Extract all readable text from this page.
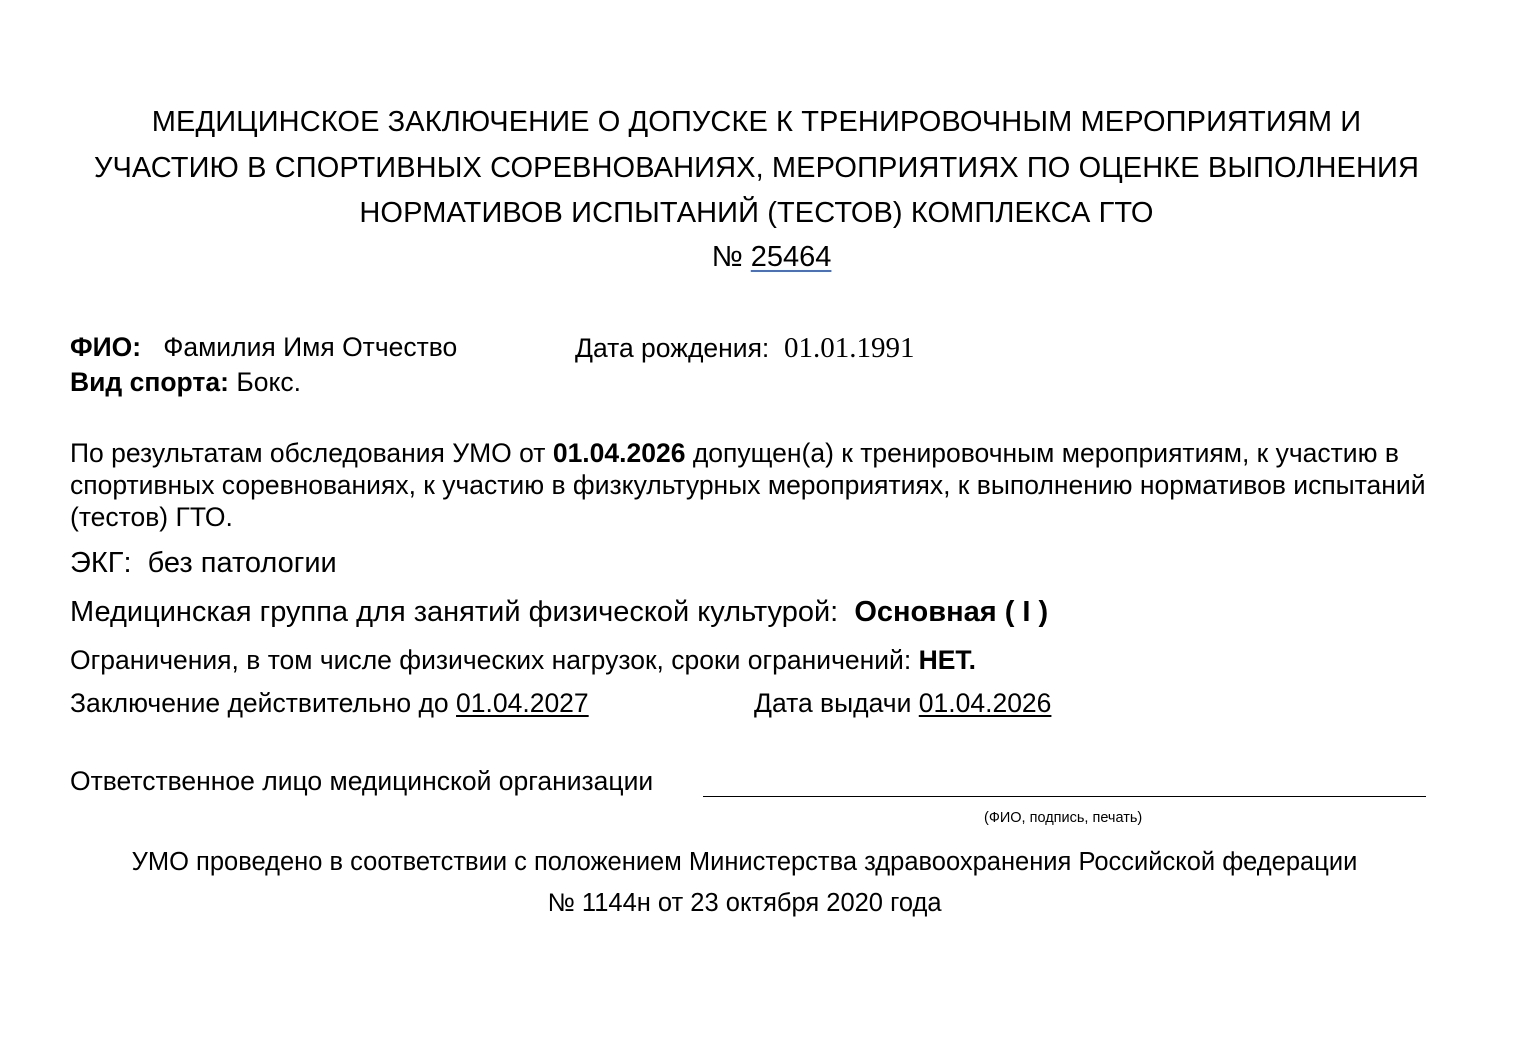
МЕДИЦИНСКОЕ ЗАКЛЮЧЕНИЕ О ДОПУСКЕ К ТРЕНИРОВОЧНЫМ МЕРОПРИЯТИЯМ И
УЧАСТИЮ В СПОРТИВНЫХ СОРЕВНОВАНИЯХ, МЕРОПРИЯТИЯХ ПО ОЦЕНКЕ ВЫПОЛНЕНИЯ
НОРМАТИВОВ ИСПЫТАНИЙ (ТЕСТОВ) КОМПЛЕКСА ГТО
№ 25464
ФИО: Фамилия Имя Отчество	Дата рождения: 01.01.1991
Вид спорта: Бокс.
По результатам обследования УМО от 01.04.2026 допущен(а) к тренировочным мероприятиям, к участию в спортивных соревнованиях, к участию в физкультурных мероприятиях, к выполнению нормативов испытаний (тестов) ГТО.
ЭКГ: без патологии
Медицинская группа для занятий физической культурой: Основная ( I )
Ограничения, в том числе физических нагрузок, сроки ограничений: НЕТ.
Заключение действительно до 01.04.2027	Дата выдачи 01.04.2026
Ответственное лицо медицинской организации
(ФИО, подпись, печать)
УМО проведено в соответствии с положением Министерства здравоохранения Российской федерации
№ 1144н от 23 октября 2020 года
